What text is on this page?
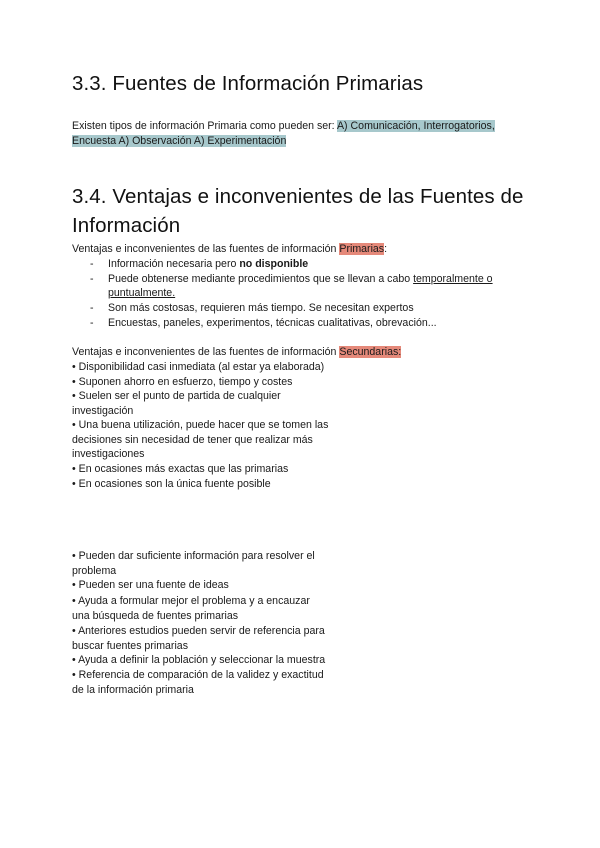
3.3. Fuentes de Información Primarias
Existen tipos de información Primaria como pueden ser: A) Comunicación, Interrogatorios,
Encuesta A) Observación A) Experimentación
3.4. Ventajas e inconvenientes de las Fuentes de
Información
Ventajas e inconvenientes de las fuentes de información Primarias:
- Información necesaria pero no disponible
- Puede obtenerse mediante procedimientos que se llevan a cabo temporalmente o
puntualmente.
- Son más costosas, requieren más tiempo. Se necesitan expertos
- Encuestas, paneles, experimentos, técnicas cualitativas, obrevación...
Ventajas e inconvenientes de las fuentes de información Secundarias:
• Disponibilidad casi inmediata (al estar ya elaborada)
• Suponen ahorro en esfuerzo, tiempo y costes
• Suelen ser el punto de partida de cualquier
investigación
• Una buena utilización, puede hacer que se tomen las
decisiones sin necesidad de tener que realizar más
investigaciones
• En ocasiones más exactas que las primarias
• En ocasiones son la única fuente posible
• Pueden dar suficiente información para resolver el
problema
• Pueden ser una fuente de ideas
• Ayuda a formular mejor el problema y a encauzar
una búsqueda de fuentes primarias
• Anteriores estudios pueden servir de referencia para
buscar fuentes primarias
• Ayuda a definir la población y seleccionar la muestra
• Referencia de comparación de la validez y exactitud
de la información primaria
